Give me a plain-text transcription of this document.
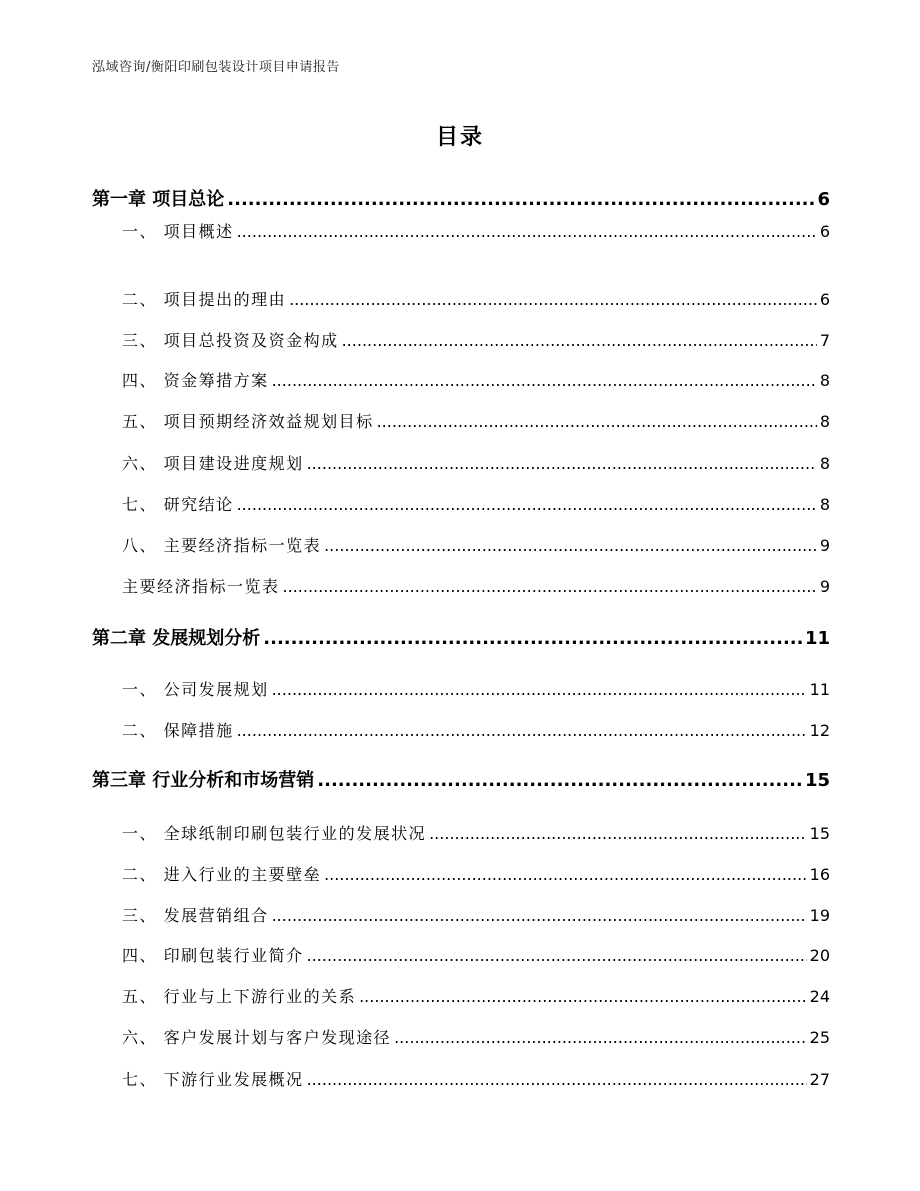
泓域咨询/衡阳印刷包装设计项目申请报告
目录
第一章 项目总论 .....	6
一、 项目概述 .....	6
二、 项目提出的理由 .....	6
三、 项目总投资及资金构成 .....	7
四、 资金筹措方案 .....	8
五、 项目预期经济效益规划目标 .....	8
六、 项目建设进度规划 .....	8
七、 研究结论 .....	8
八、 主要经济指标一览表 .....	9
主要经济指标一览表 .....	9
第二章 发展规划分析 .....	11
一、 公司发展规划 .....	11
二、 保障措施 .....	12
第三章 行业分析和市场营销 .....	15
一、 全球纸制印刷包装行业的发展状况 .....	15
二、 进入行业的主要壁垒 .....	16
三、 发展营销组合 .....	19
四、 印刷包装行业简介 .....	20
五、 行业与上下游行业的关系 .....	24
六、 客户发展计划与客户发现途径 .....	25
七、 下游行业发展概况 .....	27
